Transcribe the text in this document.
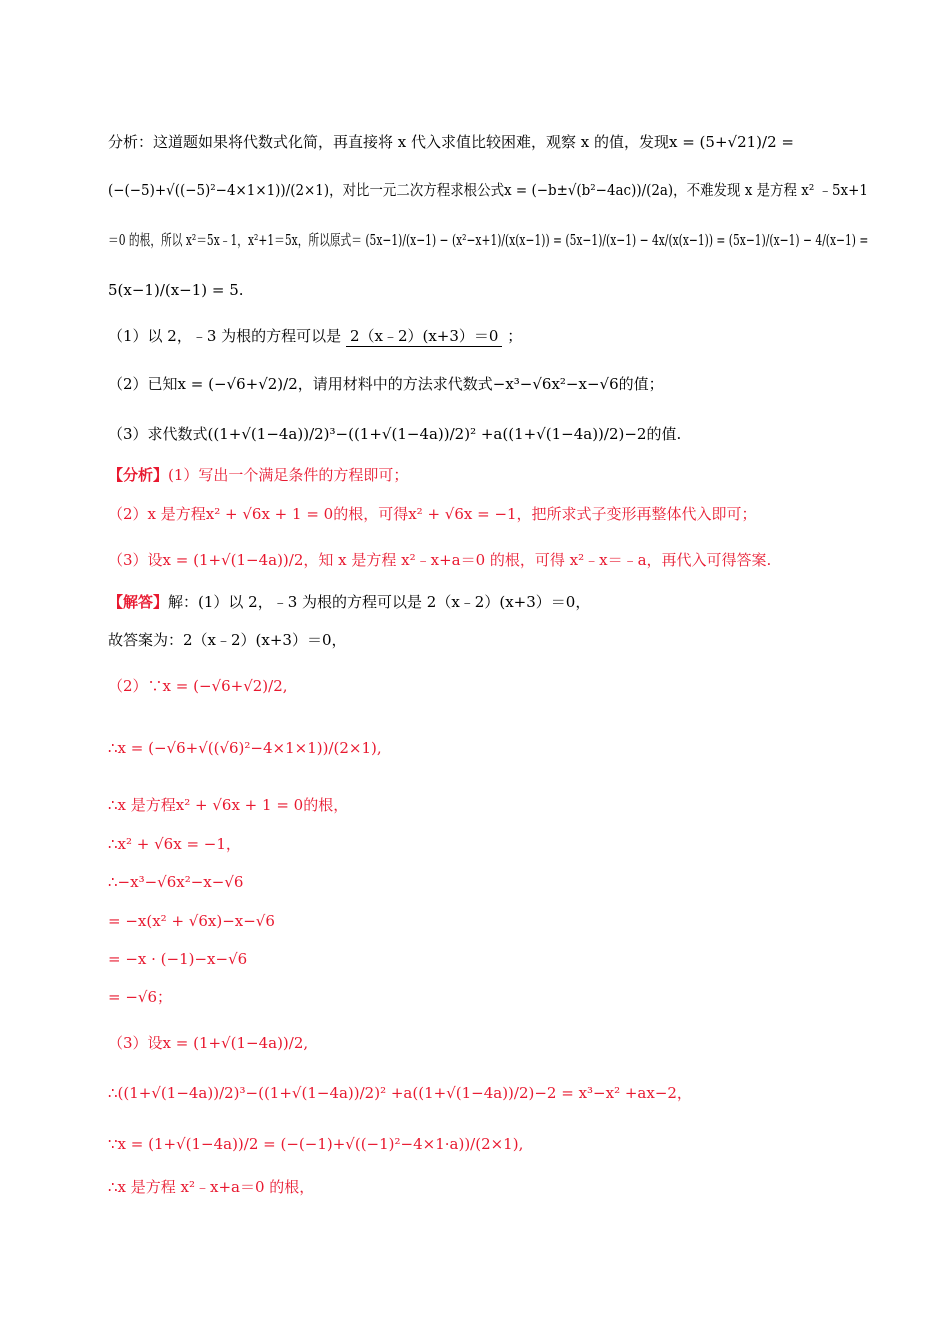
分析：这道题如果将代数式化简，再直接将 x 代入求值比较困难，观察 x 的值，发现x = (5+√21)/2 =
(−(−5)+√((−5)²−4×1×1))/(2×1)，对比一元二次方程求根公式x = (−b±√(b²−4ac))/(2a)，不难发现 x 是方程 x² ﹣5x+1
＝0 的根，所以 x²＝5x﹣1，x²+1＝5x，所以原式＝ (5x−1)/(x−1) − (x²−x+1)/(x(x−1)) = (5x−1)/(x−1) − 4x/(x(x−1)) = (5x−1)/(x−1) − 4/(x−1) =
5(x−1)/(x−1) = 5.
（1）以 2，﹣3 为根的方程可以是 2（x﹣2）(x+3）＝0 ；
（2）已知x = (−√6+√2)/2，请用材料中的方法求代数式−x³−√6x²−x−√6的值；
（3）求代数式((1+√(1−4a))/2)³−((1+√(1−4a))/2)² +a((1+√(1−4a))/2)−2的值.
【分析】(1）写出一个满足条件的方程即可；
（2）x 是方程x² + √6x + 1 = 0的根，可得x² + √6x = −1，把所求式子变形再整体代入即可；
（3）设x = (1+√(1−4a))/2，知 x 是方程 x²﹣x+a＝0 的根，可得 x²﹣x＝﹣a，再代入可得答案.
【解答】解：(1）以 2，﹣3 为根的方程可以是 2（x﹣2）(x+3）＝0，
故答案为：2（x﹣2）(x+3）＝0，
（2）∵x = (−√6+√2)/2,
∴x = (−√6+√((√6)²−4×1×1))/(2×1),
∴x 是方程x² + √6x + 1 = 0的根，
∴x² + √6x = −1，
∴−x³−√6x²−x−√6
= −x(x² + √6x)−x−√6
= −x · (−1)−x−√6
= −√6；
（3）设x = (1+√(1−4a))/2,
∴((1+√(1−4a))/2)³−((1+√(1−4a))/2)² +a((1+√(1−4a))/2)−2 = x³−x² +ax−2，
∵x = (1+√(1−4a))/2 = (−(−1)+√((−1)²−4×1·a))/(2×1),
∴x 是方程 x²﹣x+a＝0 的根，
